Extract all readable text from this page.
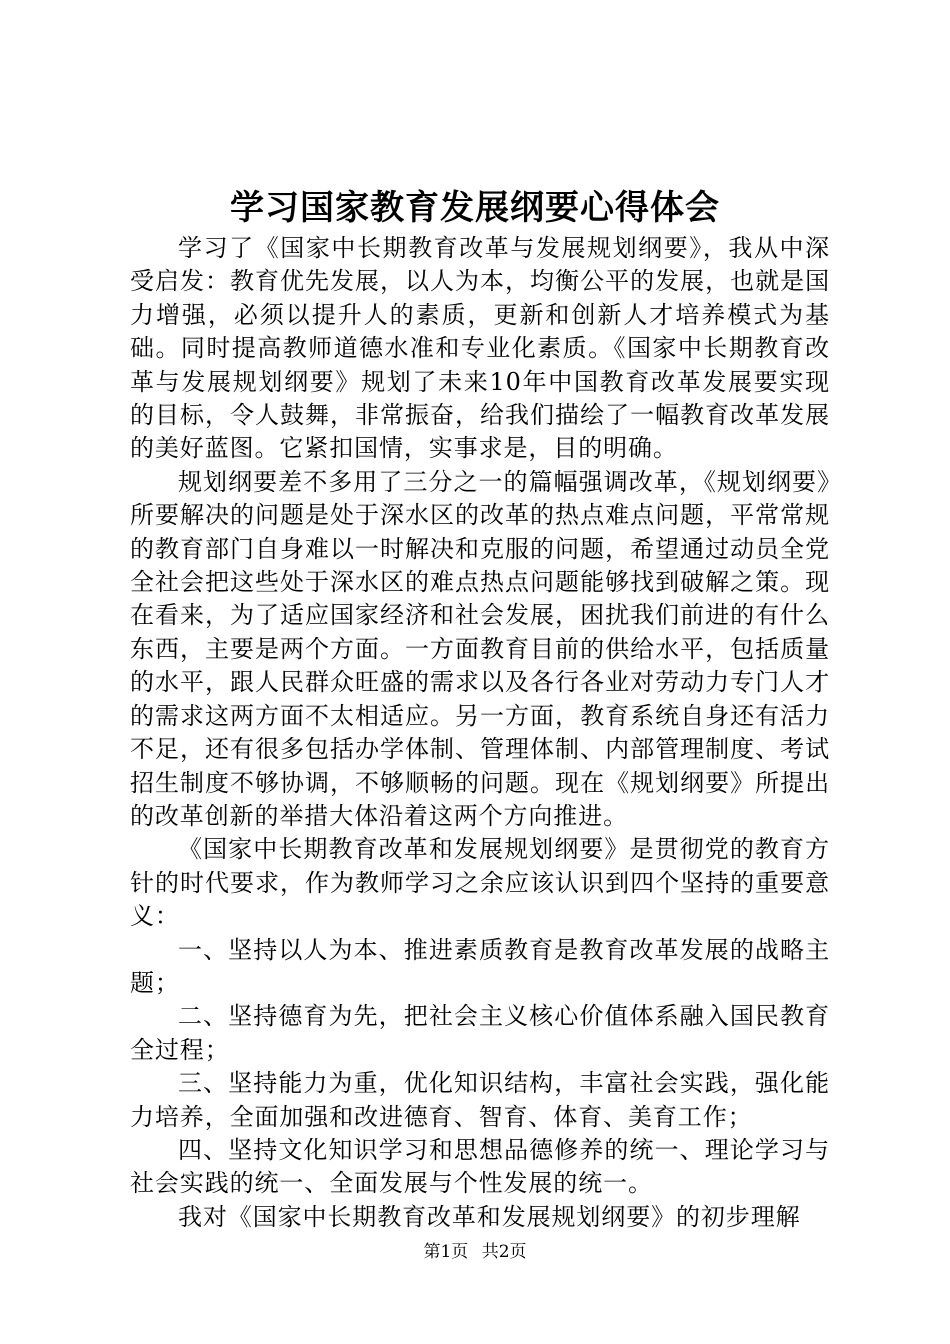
学习国家教育发展纲要心得体会

学习了《国家中长期教育改革与发展规划纲要》，我从中深受启发：教育优先发展，以人为本，均衡公平的发展，也就是国力增强，必须以提升人的素质，更新和创新人才培养模式为基础。同时提高教师道德水准和专业化素质。《国家中长期教育改革与发展规划纲要》规划了未来10年中国教育改革发展要实现的目标，令人鼓舞，非常振奋，给我们描绘了一幅教育改革发展的美好蓝图。它紧扣国情，实事求是，目的明确。

规划纲要差不多用了三分之一的篇幅强调改革，《规划纲要》所要解决的问题是处于深水区的改革的热点难点问题，平常常规的教育部门自身难以一时解决和克服的问题，希望通过动员全党全社会把这些处于深水区的难点热点问题能够找到破解之策。现在看来，为了适应国家经济和社会发展，困扰我们前进的有什么东西，主要是两个方面。一方面教育目前的供给水平，包括质量的水平，跟人民群众旺盛的需求以及各行各业对劳动力专门人才的需求这两方面不太相适应。另一方面，教育系统自身还有活力不足，还有很多包括办学体制、管理体制、内部管理制度、考试招生制度不够协调，不够顺畅的问题。现在《规划纲要》所提出的改革创新的举措大体沿着这两个方向推进。

《国家中长期教育改革和发展规划纲要》是贯彻党的教育方针的时代要求，作为教师学习之余应该认识到四个坚持的重要意义：

一、坚持以人为本、推进素质教育是教育改革发展的战略主题；

二、坚持德育为先，把社会主义核心价值体系融入国民教育全过程；

三、坚持能力为重，优化知识结构，丰富社会实践，强化能力培养，全面加强和改进德育、智育、体育、美育工作；

四、坚持文化知识学习和思想品德修养的统一、理论学习与社会实践的统一、全面发展与个性发展的统一。

我对《国家中长期教育改革和发展规划纲要》的初步理解

第1页 共2页
